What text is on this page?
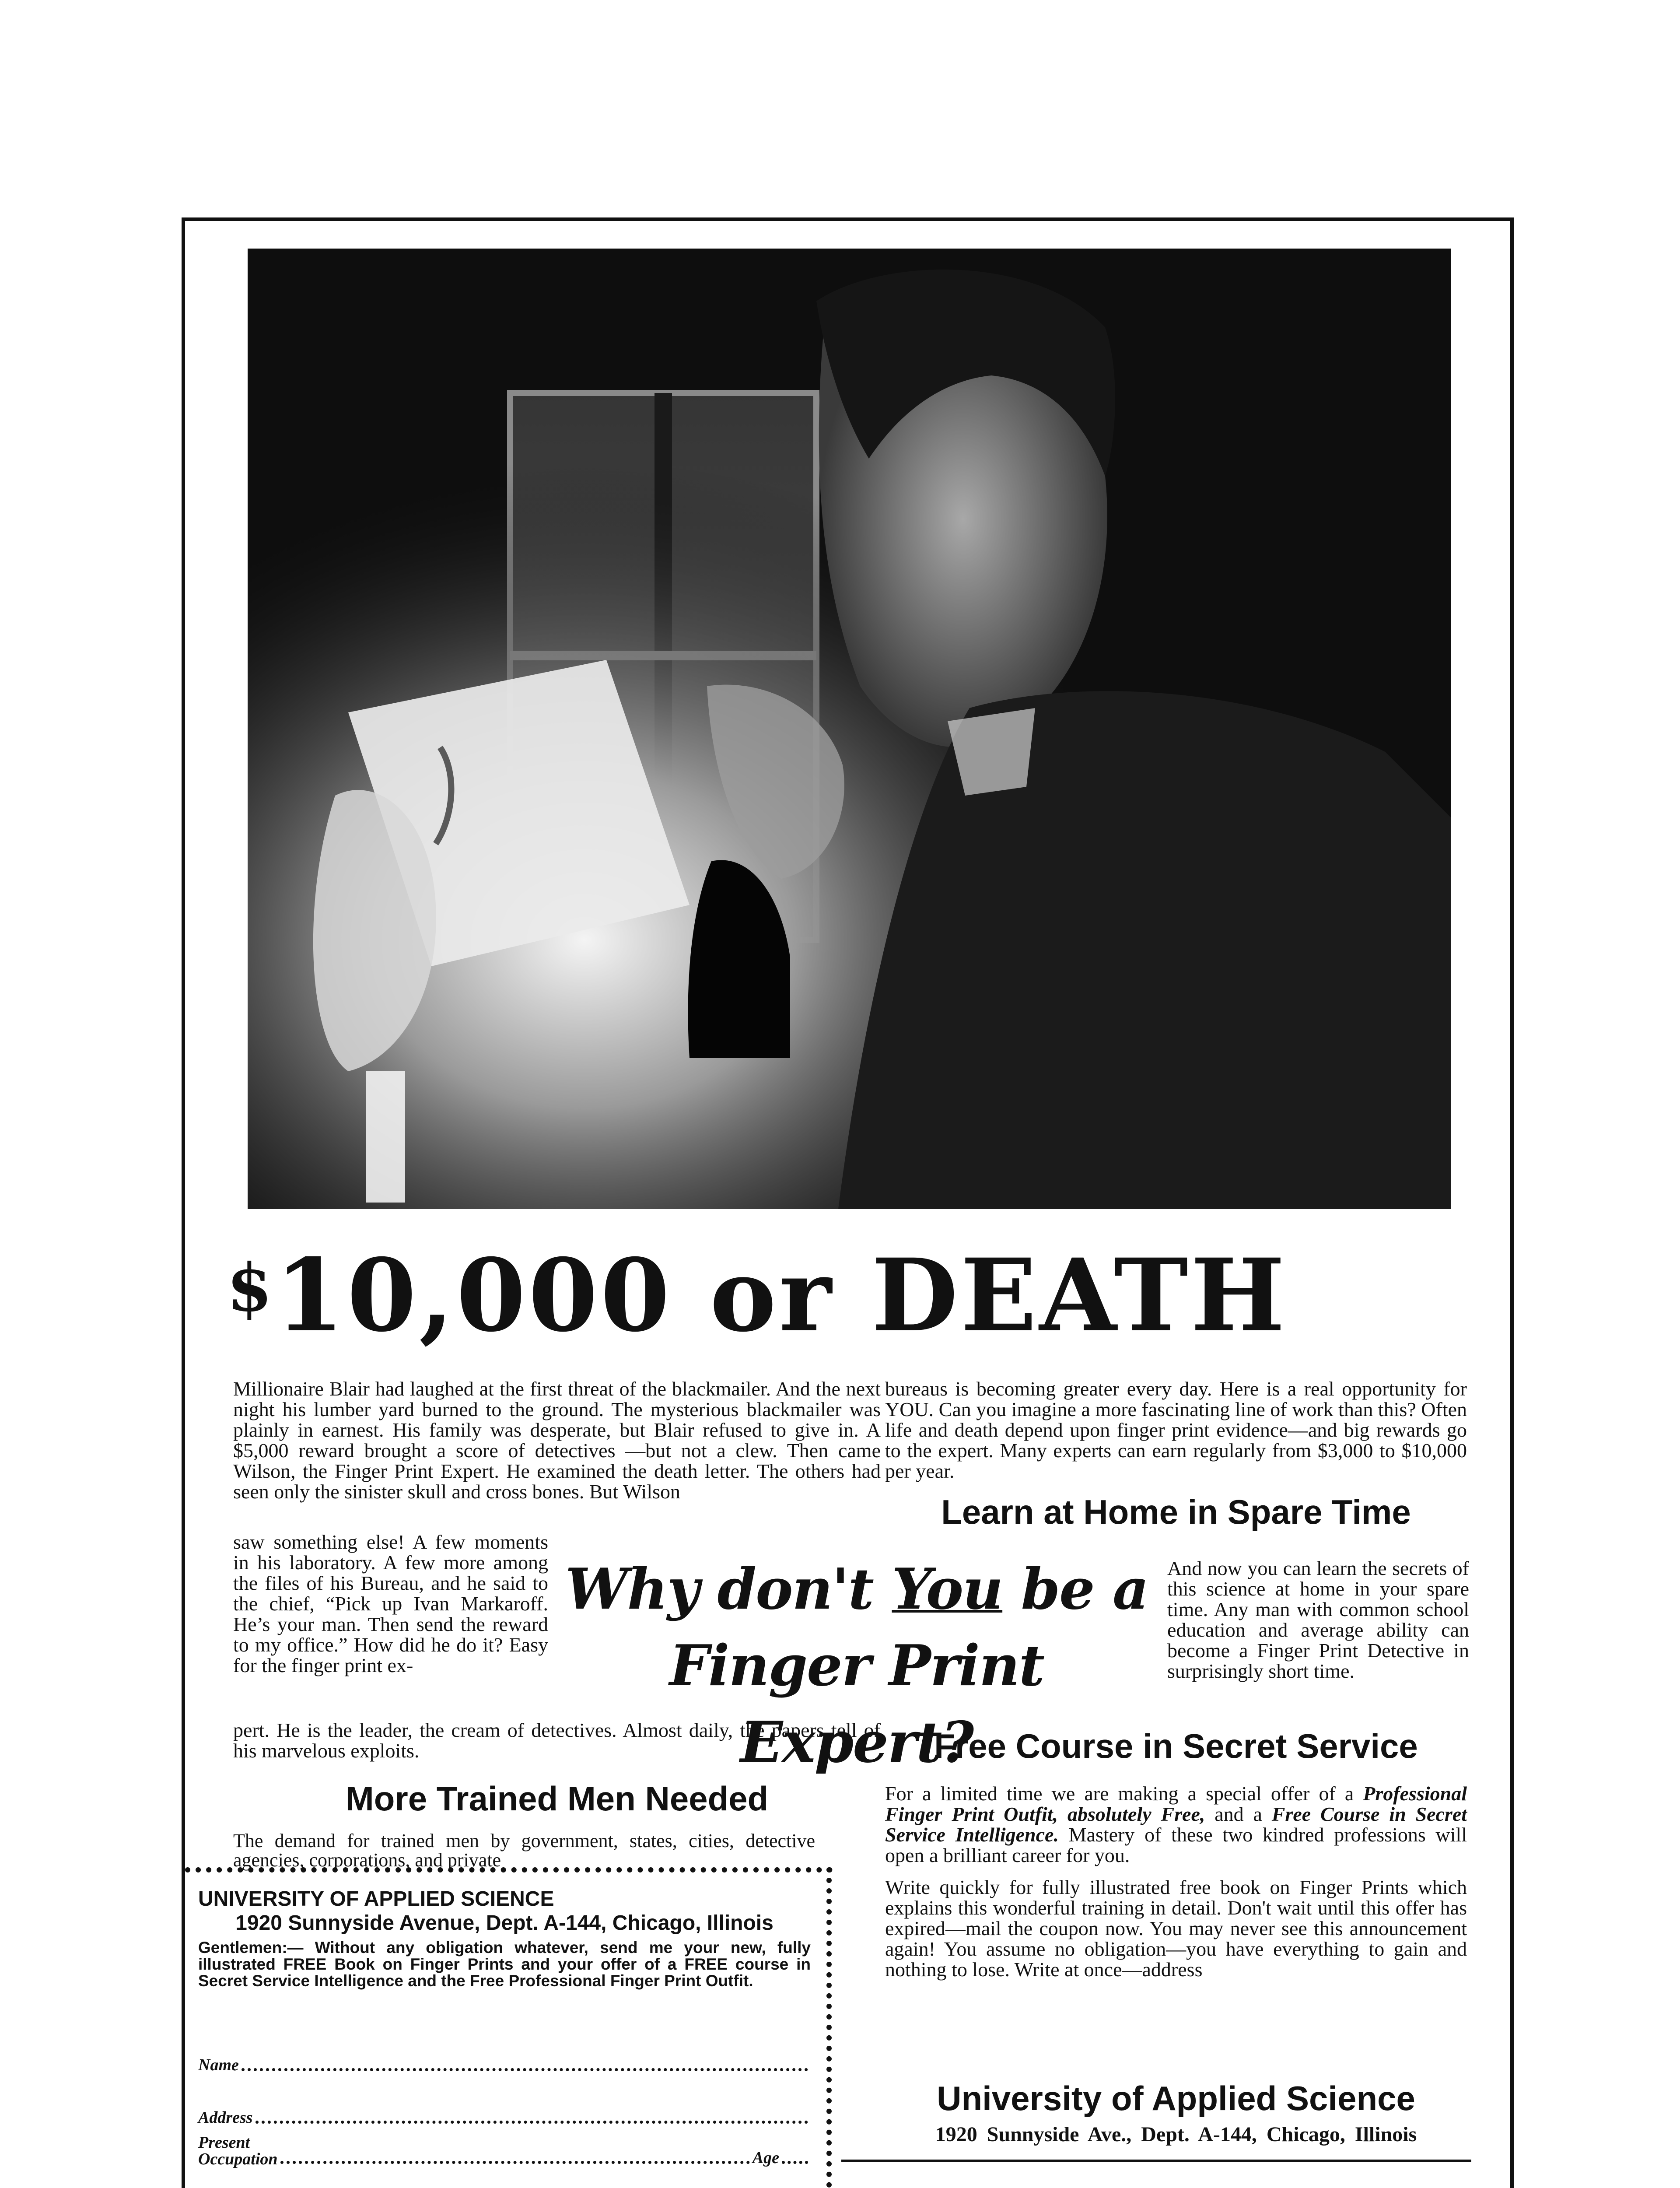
$ 10,000 or DEATH
Millionaire Blair had laughed at the first threat of the blackmailer. And the next night his lumber yard burned to the ground. The mysterious blackmailer was plainly in earnest. His family was desperate, but Blair refused to give in. A $5,000 reward brought a score of detectives —but not a clew. Then came Wilson, the Finger Print Expert. He examined the death letter. The others had seen only the sinister skull and cross bones. But Wilson
saw something else! A few moments in his laboratory. A few more among the files of his Bureau, and he said to the chief, “Pick up Ivan Markaroff. He’s your man. Then send the reward to my office.” How did he do it? Easy for the finger print ex-
pert. He is the leader, the cream of detectives. Almost daily, the papers tell of his marvelous exploits.
bureaus is becoming greater every day. Here is a real opportunity for YOU. Can you imagine a more fascinating line of work than this? Often life and death depend upon finger print evidence—and big rewards go to the expert. Many experts can earn regularly from $3,000 to $10,000 per year.
Learn at Home in Spare Time
And now you can learn the secrets of this science at home in your spare time. Any man with common school education and average ability can become a Finger Print Detective in surprisingly short time.
Why don't You be a
Finger Print Expert?
More Trained Men Needed
The demand for trained men by government, states, cities, detective agencies, corporations, and private
Free Course in Secret Service

For a limited time we are making a special offer of a Professional Finger Print Outfit, absolutely Free, and a Free Course in Secret Service Intelligence. Mastery of these two kindred professions will open a brilliant career for you.

Write quickly for fully illustrated free book on Finger Prints which explains this wonderful training in detail. Don't wait until this offer has expired—mail the coupon now. You may never see this announcement again! You assume no obligation—you have everything to gain and nothing to lose. Write at once—address

University of Applied Science
1920 Sunnyside Ave., Dept. A-144, Chicago, Illinois
UNIVERSITY OF APPLIED SCIENCE
1920 Sunnyside Avenue, Dept. A-144, Chicago, Illinois
Gentlemen:— Without any obligation whatever, send me your new, fully illustrated FREE Book on Finger Prints and your offer of a FREE course in Secret Service Intelligence and the Free Professional Finger Print Outfit.
Name
Address
Present
Occupation	Age
